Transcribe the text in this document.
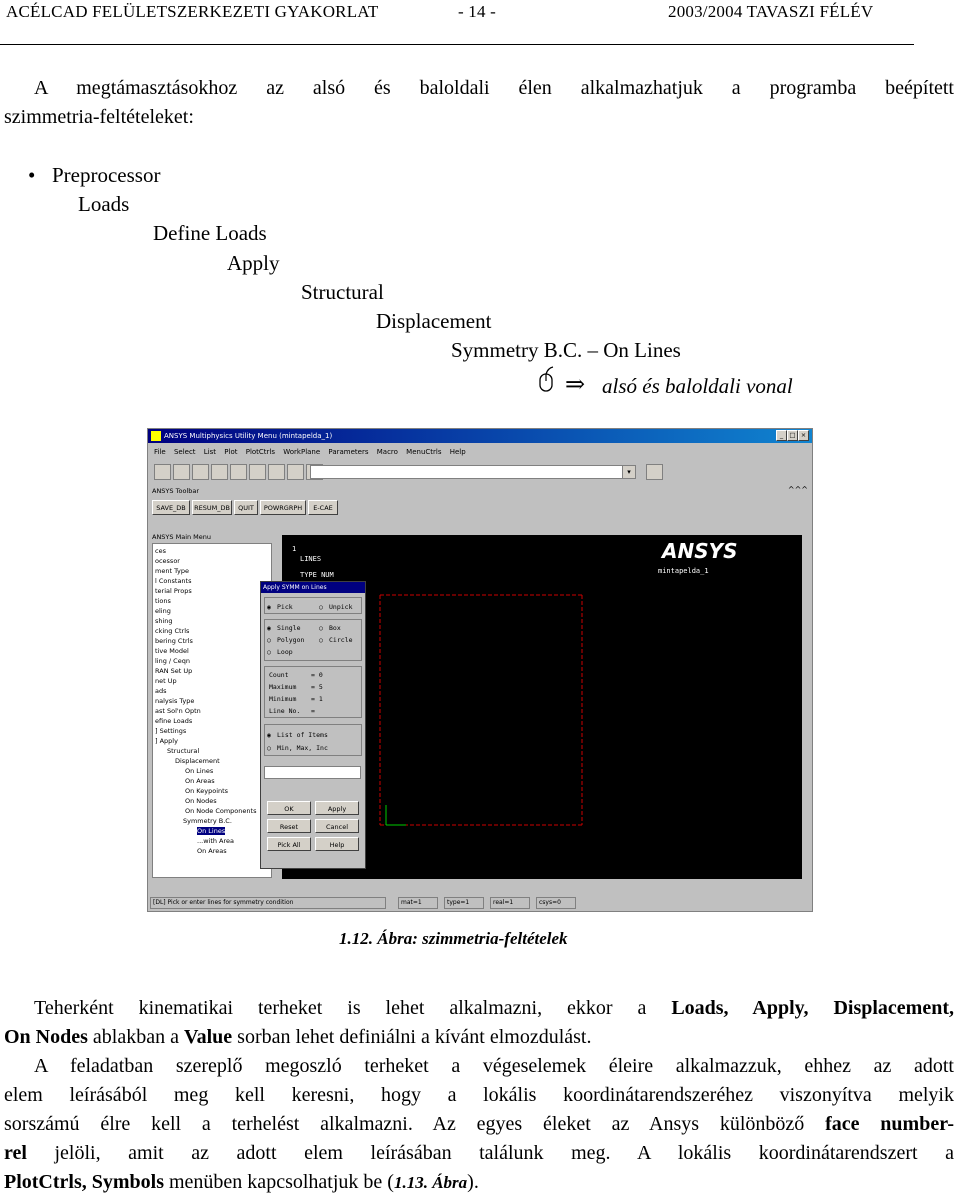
ACÉLCAD FELÜLETSZERKEZETI GYAKORLAT	- 14 -	2003/2004 TAVASZI FÉLÉV
A megtámasztásokhoz az alsó és baloldali élen alkalmazhatjuk a programba beépített
szimmetria-feltételeket:
• Preprocessor
Loads
Define Loads
Apply
Structural
Displacement
Symmetry B.C. – On Lines
⇒ alsó és baloldali vonal
ANSYS Multiphysics Utility Menu (mintapelda_1)	_ □ ×
File Select List Plot PlotCtrls WorkPlane Parameters Macro MenuCtrls Help
▾
ANSYS Toolbar	^^^
SAVE_DB	RESUM_DB	QUIT	POWRGRPH	E-CAE
ANSYS Main Menu
ces
ocessor
ment Type
l Constants
terial Props
tions
eling
shing
cking Ctrls
bering Ctrls
tive Model
ling / Ceqn
RAN Set Up
net Up
ads
nalysis Type
ast Sol'n Optn
efine Loads
] Settings
] Apply
Structural
Displacement
On Lines
On Areas
On Keypoints
On Nodes
On Node Components
Symmetry B.C.
On Lines
...with Area
On Areas
1
LINES
TYPE NUM
ANSYS
mintapelda_1
Apply SYMM on Lines
◉ Pick	○ Unpick
◉ Single	○ Box
○ Polygon ○ Circle
○ Loop
Count	= 0
Maximum = 5
Minimum = 1
Line No. =
◉ List of Items
○ Min, Max, Inc
OK	Apply
Reset	Cancel
Pick All	Help
[DL] Pick or enter lines for symmetry condition	mat=1	type=1	real=1	csys=0
1.12. Ábra: szimmetria-feltételek
Teherként kinematikai terheket is lehet alkalmazni, ekkor a Loads, Apply, Displacement,
On Nodes ablakban a Value sorban lehet definiálni a kívánt elmozdulást.
A feladatban szereplő megoszló terheket a végeselemek éleire alkalmazzuk, ehhez az adott
elem leírásából meg kell keresni, hogy a lokális koordinátarendszeréhez viszonyítva melyik
sorszámú élre kell a terhelést alkalmazni. Az egyes éleket az Ansys különböző face number-
rel jelöli, amit az adott elem leírásában találunk meg. A lokális koordinátarendszert a
PlotCtrls, Symbols menüben kapcsolhatjuk be (1.13. Ábra).
